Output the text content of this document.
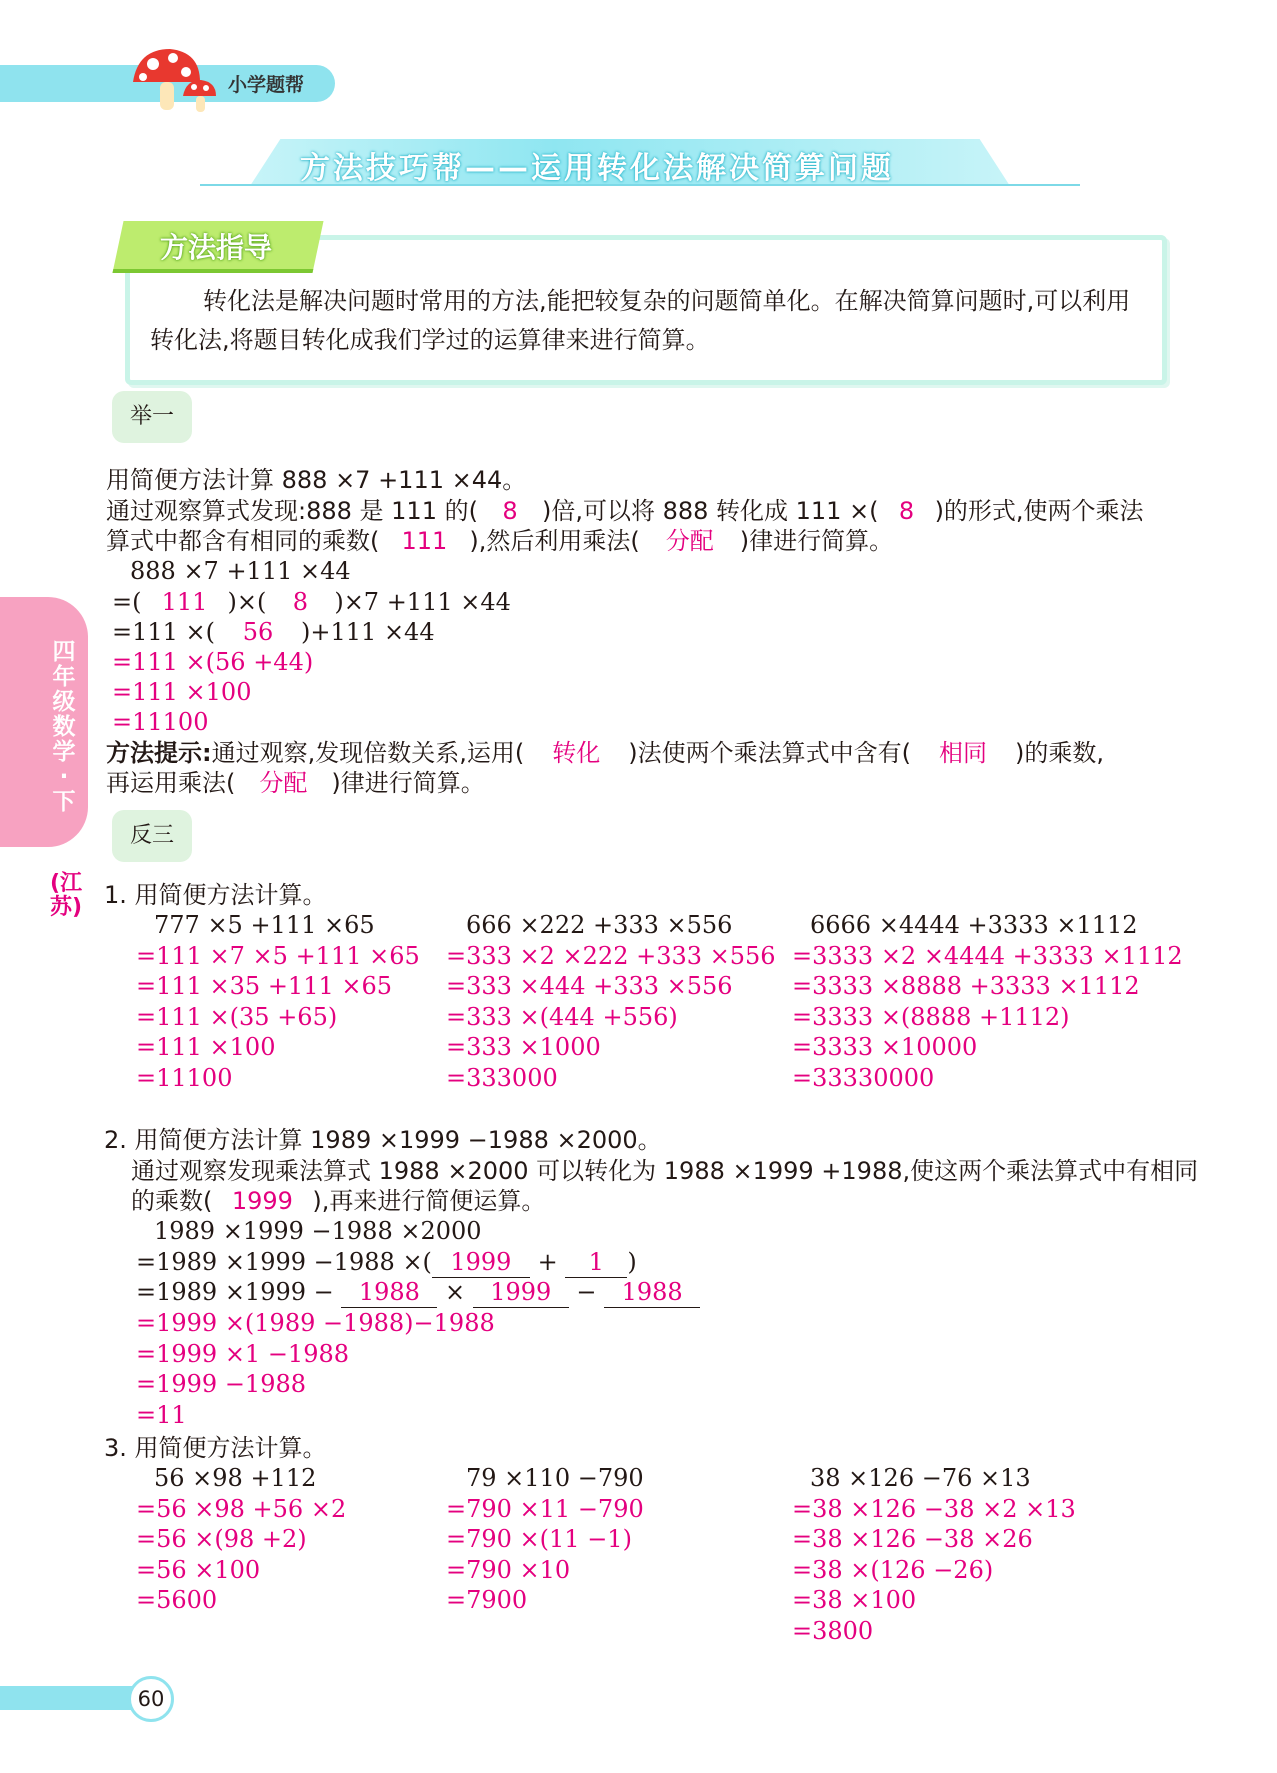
小学题帮
方法技巧帮——运用转化法解决简算问题
方法指导
转化法是解决问题时常用的方法,能把较复杂的问题简单化。在解决简算问题时,可以利用转化法,将题目转化成我们学过的运算律来进行简算。
四年级数学·下
(江苏)
举一
用简便方法计算 888 ×7 +111 ×44。
通过观察算式发现:888 是 111 的( 8 )倍,可以将 888 转化成 111 ×( 8 )的形式,使两个乘法
算式中都含有相同的乘数( 111 ),然后利用乘法( 分配 )律进行简算。
888 ×7 +111 ×44
=( 111 )×( 8 )×7 +111 ×44
=111 ×( 56 )+111 ×44
=111 ×(56 +44)
=111 ×100
=11100
方法提示:通过观察,发现倍数关系,运用( 转化 )法使两个乘法算式中含有( 相同 )的乘数,
再运用乘法( 分配 )律进行简算。
反三
1. 用简便方法计算。
777 ×5 +111 ×65
=111 ×7 ×5 +111 ×65
=111 ×35 +111 ×65
=111 ×(35 +65)
=111 ×100
=11100
666 ×222 +333 ×556
=333 ×2 ×222 +333 ×556
=333 ×444 +333 ×556
=333 ×(444 +556)
=333 ×1000
=333000
6666 ×4444 +3333 ×1112
=3333 ×2 ×4444 +3333 ×1112
=3333 ×8888 +3333 ×1112
=3333 ×(8888 +1112)
=3333 ×10000
=33330000
2. 用简便方法计算 1989 ×1999 −1988 ×2000。
通过观察发现乘法算式 1988 ×2000 可以转化为 1988 ×1999 +1988,使这两个乘法算式中有相同
的乘数( 1999 ),再来进行简便运算。
1989 ×1999 −1988 ×2000
=1989 ×1999 −1988 ×( 1999 + 1 )
=1989 ×1999 − 1988 × 1999 − 1988
=1999 ×(1989 −1988)−1988
=1999 ×1 −1988
=1999 −1988
=11
3. 用简便方法计算。
56 ×98 +112
=56 ×98 +56 ×2
=56 ×(98 +2)
=56 ×100
=5600
79 ×110 −790
=790 ×11 −790
=790 ×(11 −1)
=790 ×10
=7900
38 ×126 −76 ×13
=38 ×126 −38 ×2 ×13
=38 ×126 −38 ×26
=38 ×(126 −26)
=38 ×100
=3800
60
